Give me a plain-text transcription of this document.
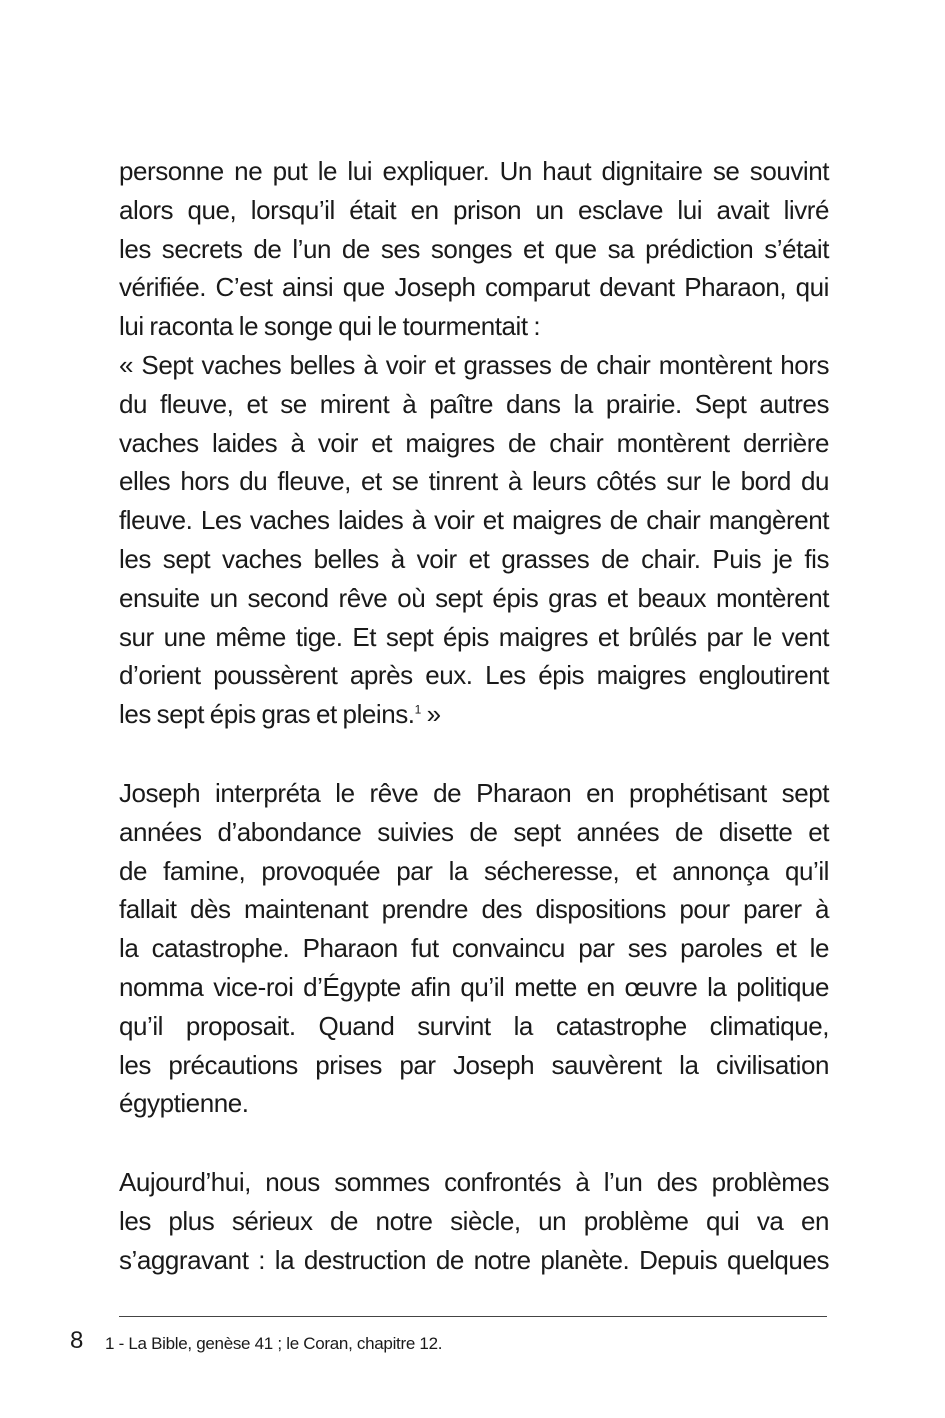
personne ne put le lui expliquer. Un haut dignitaire se souvint
alors que, lorsqu’il était en prison un esclave lui avait livré
les secrets de l’un de ses songes et que sa prédiction s’était
vérifiée. C’est ainsi que Joseph comparut devant Pharaon, qui
lui raconta le songe qui le tourmentait :
« Sept vaches belles à voir et grasses de chair montèrent hors
du fleuve, et se mirent à paître dans la prairie. Sept autres
vaches laides à voir et maigres de chair montèrent derrière
elles hors du fleuve, et se tinrent à leurs côtés sur le bord du
fleuve. Les vaches laides à voir et maigres de chair mangèrent
les sept vaches belles à voir et grasses de chair. Puis je fis
ensuite un second rêve où sept épis gras et beaux montèrent
sur une même tige. Et sept épis maigres et brûlés par le vent
d’orient poussèrent après eux. Les épis maigres engloutirent
les sept épis gras et pleins.$^1$ »
Joseph interpréta le rêve de Pharaon en prophétisant sept
années d’abondance suivies de sept années de disette et
de famine, provoquée par la sécheresse, et annonça qu’il
fallait dès maintenant prendre des dispositions pour parer à
la catastrophe. Pharaon fut convaincu par ses paroles et le
nomma vice-roi d’Égypte afin qu’il mette en œuvre la politique
qu’il proposait. Quand survint la catastrophe climatique,
les précautions prises par Joseph sauvèrent la civilisation
égyptienne.
Aujourd’hui, nous sommes confrontés à l’un des problèmes
les plus sérieux de notre siècle, un problème qui va en
s’aggravant : la destruction de notre planète. Depuis quelques
8 1 - La Bible, genèse 41 ; le Coran, chapitre 12.
